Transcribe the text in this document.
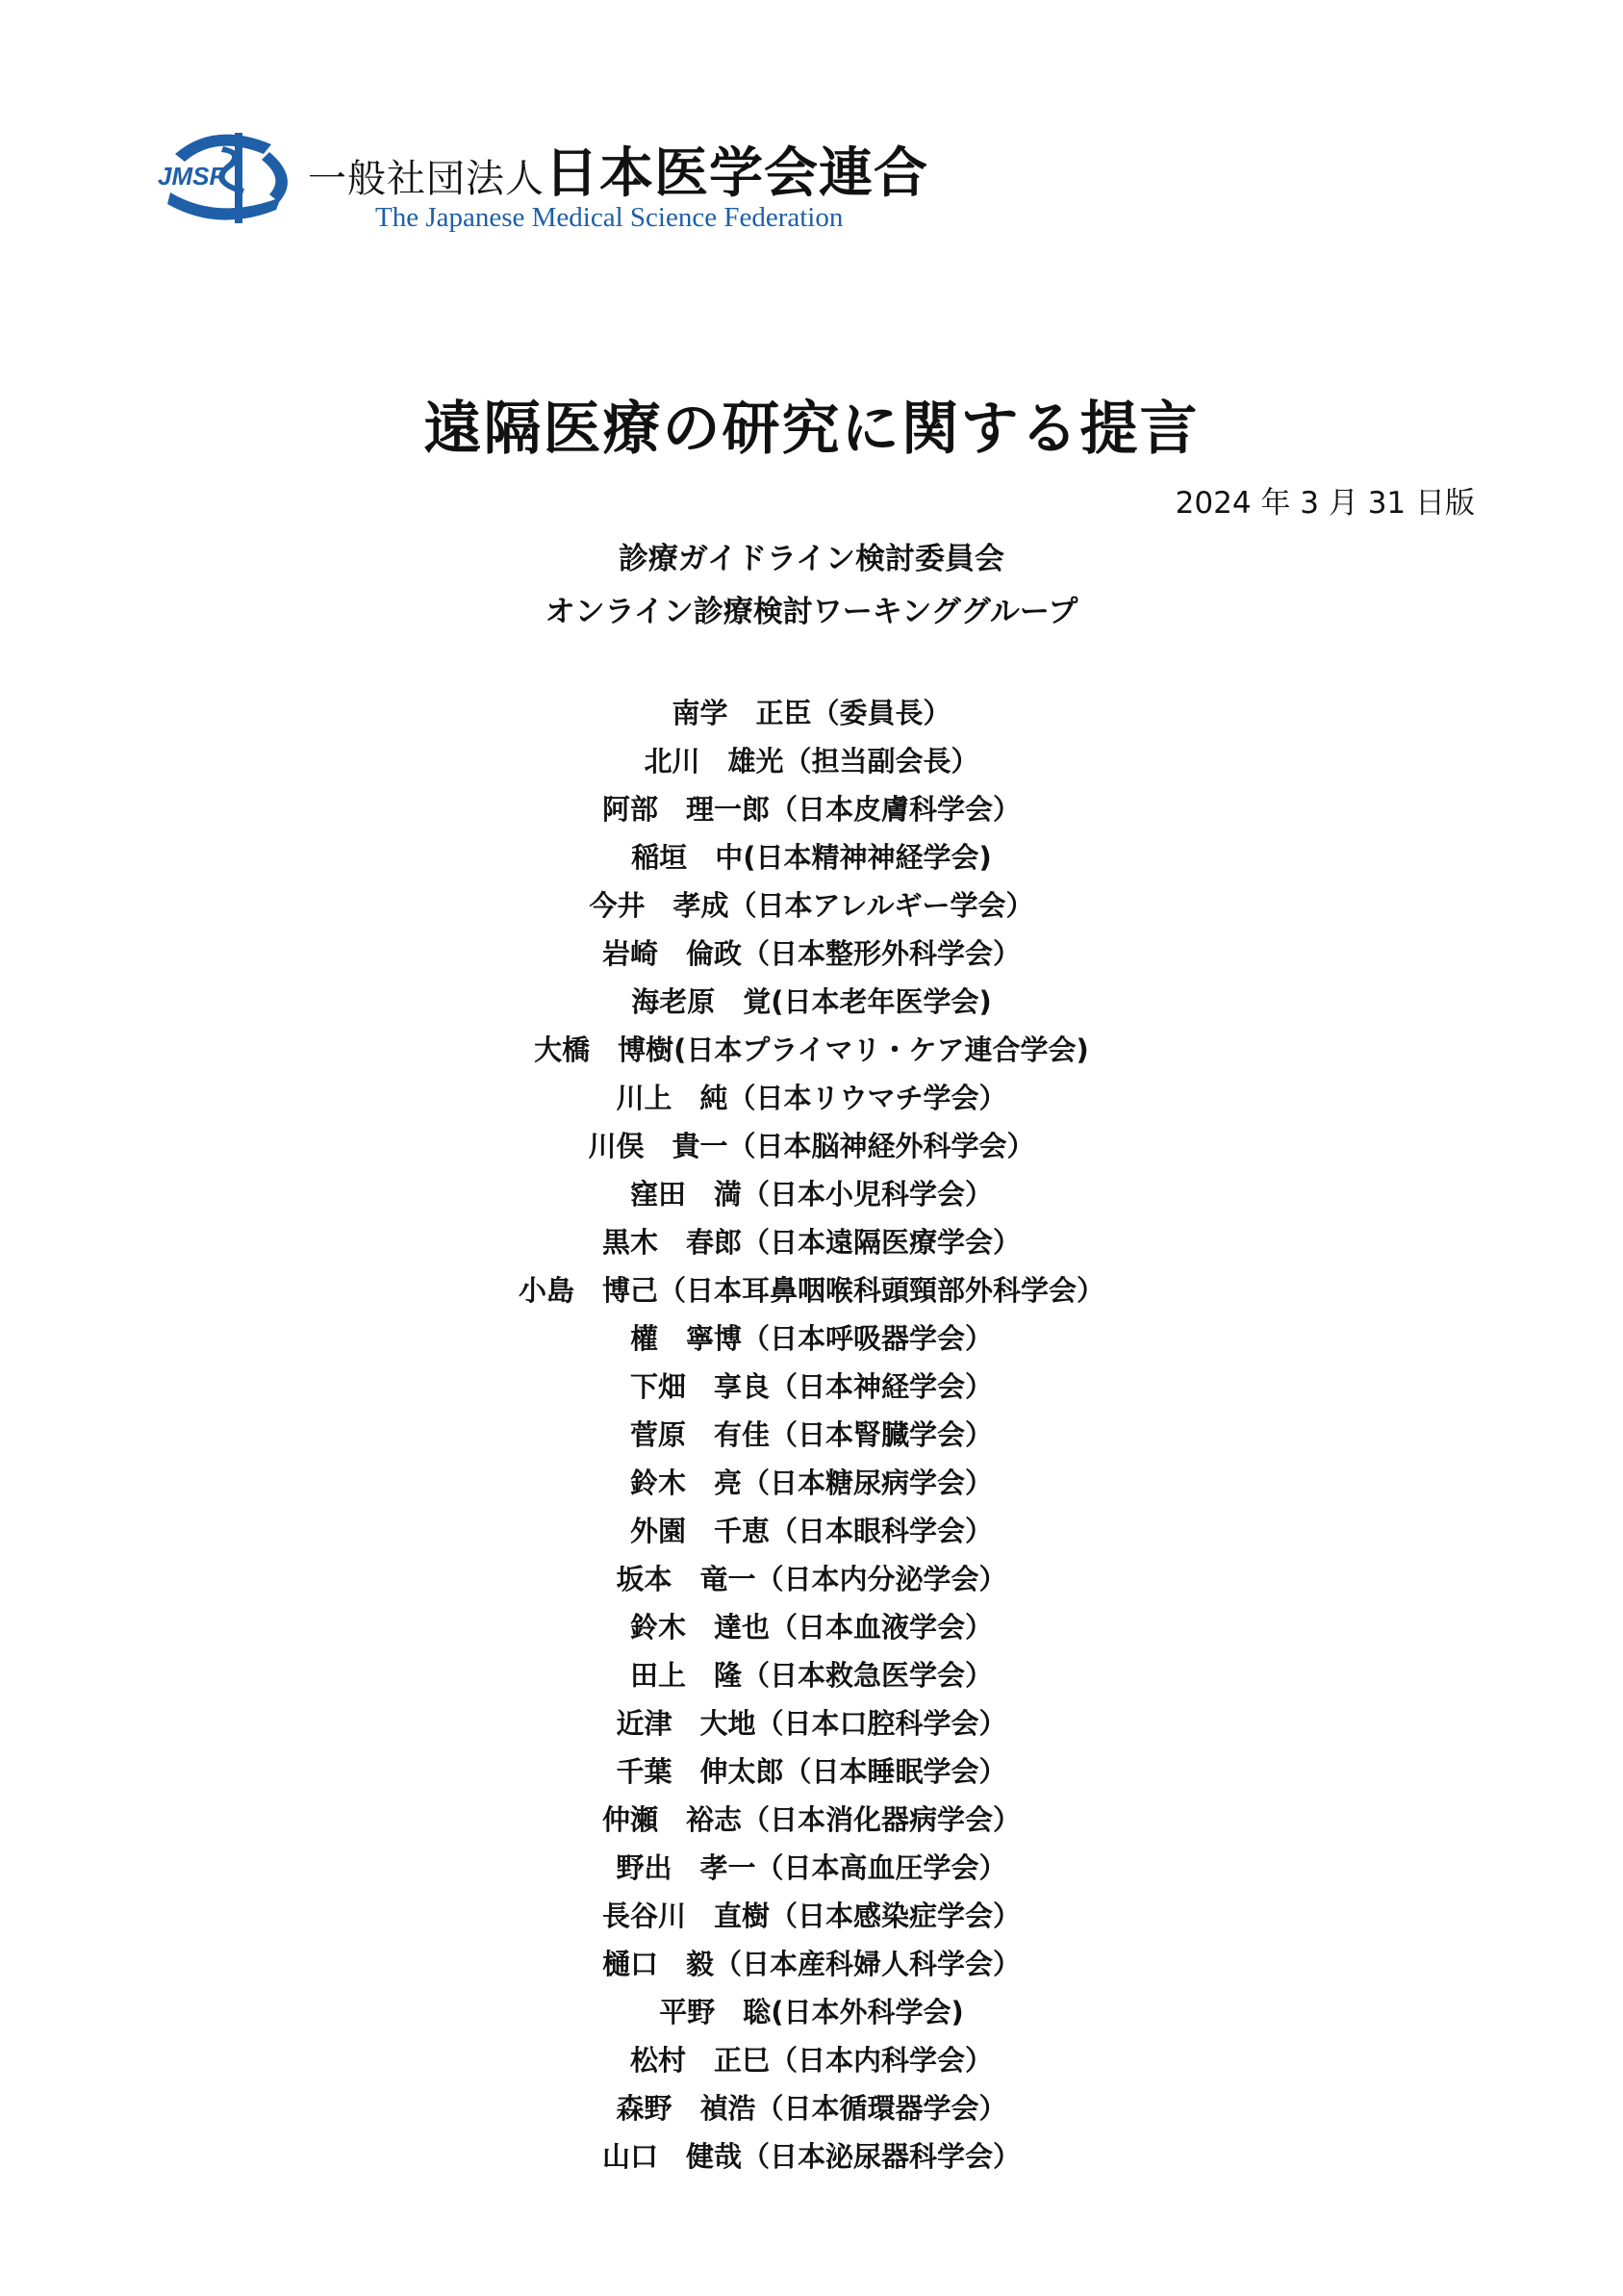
JMSF 一般社団法人日本医学会連合
The Japanese Medical Science Federation
遠隔医療の研究に関する提言
2024 年 3 月 31 日版
診療ガイドライン検討委員会
オンライン診療検討ワーキンググループ
南学　正臣（委員長）
北川　雄光（担当副会長）
阿部　理一郎（日本皮膚科学会）
稲垣　中(日本精神神経学会)
今井　孝成（日本アレルギー学会）
岩崎　倫政（日本整形外科学会）
海老原　覚(日本老年医学会)
大橋　博樹(日本プライマリ・ケア連合学会)
川上　純（日本リウマチ学会）
川俣　貴一（日本脳神経外科学会）
窪田　満（日本小児科学会）
黒木　春郎（日本遠隔医療学会）
小島　博己（日本耳鼻咽喉科頭頸部外科学会）
權　寧博（日本呼吸器学会）
下畑　享良（日本神経学会）
菅原　有佳（日本腎臓学会）
鈴木　亮（日本糖尿病学会）
外園　千恵（日本眼科学会）
坂本　竜一（日本内分泌学会）
鈴木　達也（日本血液学会）
田上　隆（日本救急医学会）
近津　大地（日本口腔科学会）
千葉　伸太郎（日本睡眠学会）
仲瀬　裕志（日本消化器病学会）
野出　孝一（日本高血圧学会）
長谷川　直樹（日本感染症学会）
樋口　毅（日本産科婦人科学会）
平野　聡(日本外科学会)
松村　正巳（日本内科学会）
森野　禎浩（日本循環器学会）
山口　健哉（日本泌尿器科学会）
